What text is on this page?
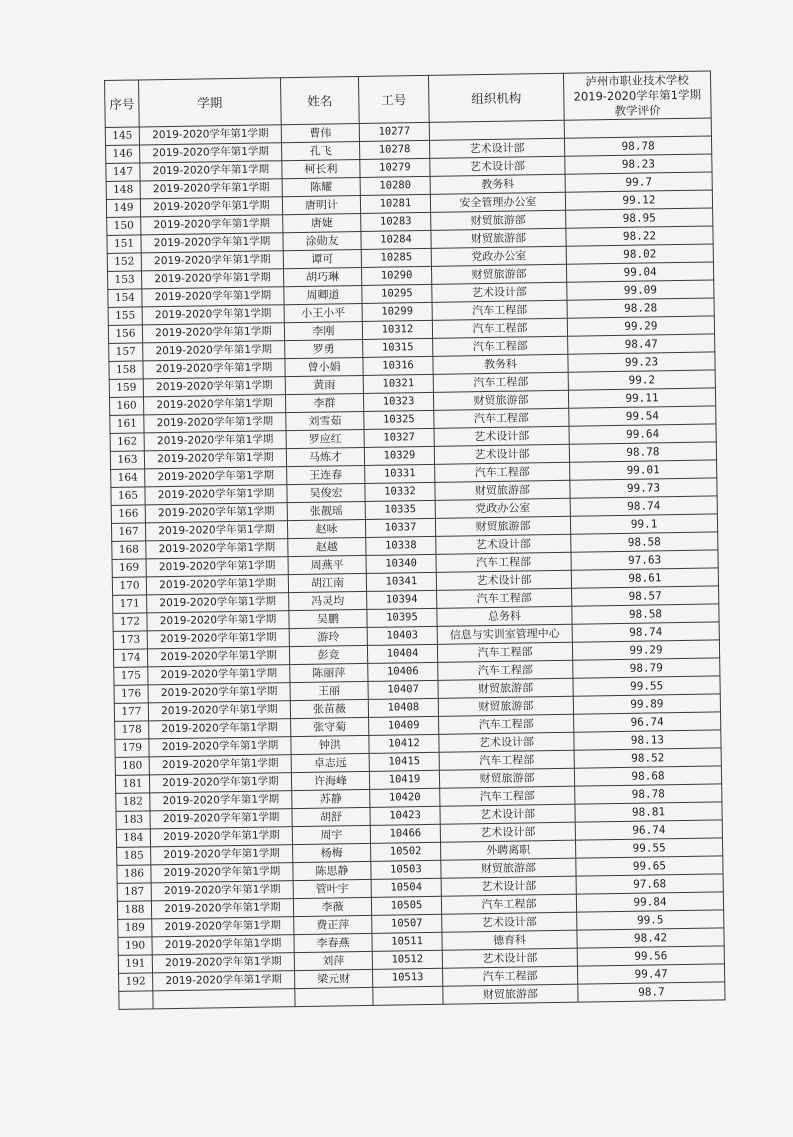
序号	学期	姓名	工号	组织机构	泸州市职业技术学校
2019-2020学年第1学期
教学评价

145	2019-2020学年第1学期	曹伟	10277		
146	2019-2020学年第1学期	孔飞	10278	艺术设计部	98.78
147	2019-2020学年第1学期	柯长利	10279	艺术设计部	98.23
148	2019-2020学年第1学期	陈耀	10280	教务科	99.7
149	2019-2020学年第1学期	唐明计	10281	安全管理办公室	99.12
150	2019-2020学年第1学期	唐婕	10283	财贸旅游部	98.95
151	2019-2020学年第1学期	涂勋友	10284	财贸旅游部	98.22
152	2019-2020学年第1学期	谭可	10285	党政办公室	98.02
153	2019-2020学年第1学期	胡巧琳	10290	财贸旅游部	99.04
154	2019-2020学年第1学期	周卿道	10295	艺术设计部	99.09
155	2019-2020学年第1学期	小王小平	10299	汽车工程部	98.28
156	2019-2020学年第1学期	李刚	10312	汽车工程部	99.29
157	2019-2020学年第1学期	罗勇	10315	汽车工程部	98.47
158	2019-2020学年第1学期	曾小娟	10316	教务科	99.23
159	2019-2020学年第1学期	黄雨	10321	汽车工程部	99.2
160	2019-2020学年第1学期	李群	10323	财贸旅游部	99.11
161	2019-2020学年第1学期	刘雪茹	10325	汽车工程部	99.54
162	2019-2020学年第1学期	罗应红	10327	艺术设计部	99.64
163	2019-2020学年第1学期	马炼才	10329	艺术设计部	98.78
164	2019-2020学年第1学期	王连春	10331	汽车工程部	99.01
165	2019-2020学年第1学期	吴俊宏	10332	财贸旅游部	99.73
166	2019-2020学年第1学期	张靓瑶	10335	党政办公室	98.74
167	2019-2020学年第1学期	赵咏	10337	财贸旅游部	99.1
168	2019-2020学年第1学期	赵越	10338	艺术设计部	98.58
169	2019-2020学年第1学期	周燕平	10340	汽车工程部	97.63
170	2019-2020学年第1学期	胡江南	10341	艺术设计部	98.61
171	2019-2020学年第1学期	冯灵均	10394	汽车工程部	98.57
172	2019-2020学年第1学期	吴鹏	10395	总务科	98.58
173	2019-2020学年第1学期	游玲	10403	信息与实训室管理中心	98.74
174	2019-2020学年第1学期	彭竞	10404	汽车工程部	99.29
175	2019-2020学年第1学期	陈丽萍	10406	汽车工程部	98.79
176	2019-2020学年第1学期	王丽	10407	财贸旅游部	99.55
177	2019-2020学年第1学期	张苗薇	10408	财贸旅游部	99.89
178	2019-2020学年第1学期	张守菊	10409	汽车工程部	96.74
179	2019-2020学年第1学期	钟洪	10412	艺术设计部	98.13
180	2019-2020学年第1学期	卓志远	10415	汽车工程部	98.52
181	2019-2020学年第1学期	许海峰	10419	财贸旅游部	98.68
182	2019-2020学年第1学期	苏静	10420	汽车工程部	98.78
183	2019-2020学年第1学期	胡舒	10423	艺术设计部	98.81
184	2019-2020学年第1学期	周宇	10466	艺术设计部	96.74
185	2019-2020学年第1学期	杨梅	10502	外聘离职	99.55
186	2019-2020学年第1学期	陈思静	10503	财贸旅游部	99.65
187	2019-2020学年第1学期	管叶宇	10504	艺术设计部	97.68
188	2019-2020学年第1学期	李薇	10505	汽车工程部	99.84
189	2019-2020学年第1学期	费正萍	10507	艺术设计部	99.5
190	2019-2020学年第1学期	李春燕	10511	德育科	98.42
191	2019-2020学年第1学期	刘萍	10512	艺术设计部	99.56
192	2019-2020学年第1学期	梁元财	10513	汽车工程部	99.47
				财贸旅游部	98.7
